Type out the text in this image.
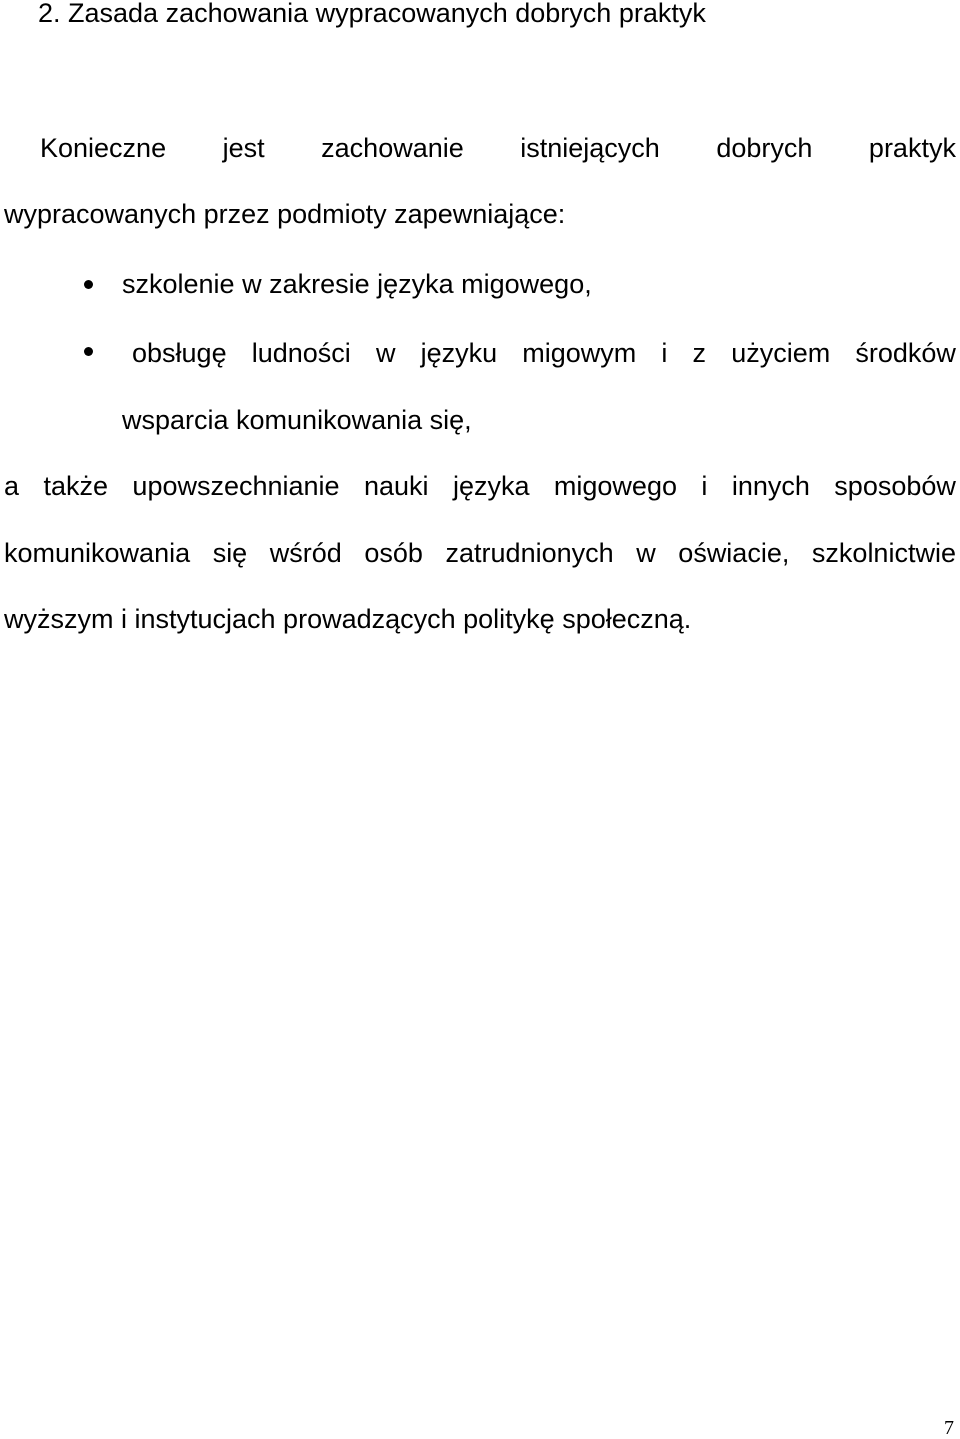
2. Zasada zachowania wypracowanych dobrych praktyk
Konieczne jest zachowanie istniejących dobrych praktyk
wypracowanych przez podmioty zapewniające:
szkolenie w zakresie języka migowego,
obsługę ludności w języku migowym i z użyciem środków
wsparcia komunikowania się,
a także upowszechnianie nauki języka migowego i innych sposobów
komunikowania się wśród osób zatrudnionych w oświacie, szkolnictwie
wyższym i instytucjach prowadzących politykę społeczną.
7
